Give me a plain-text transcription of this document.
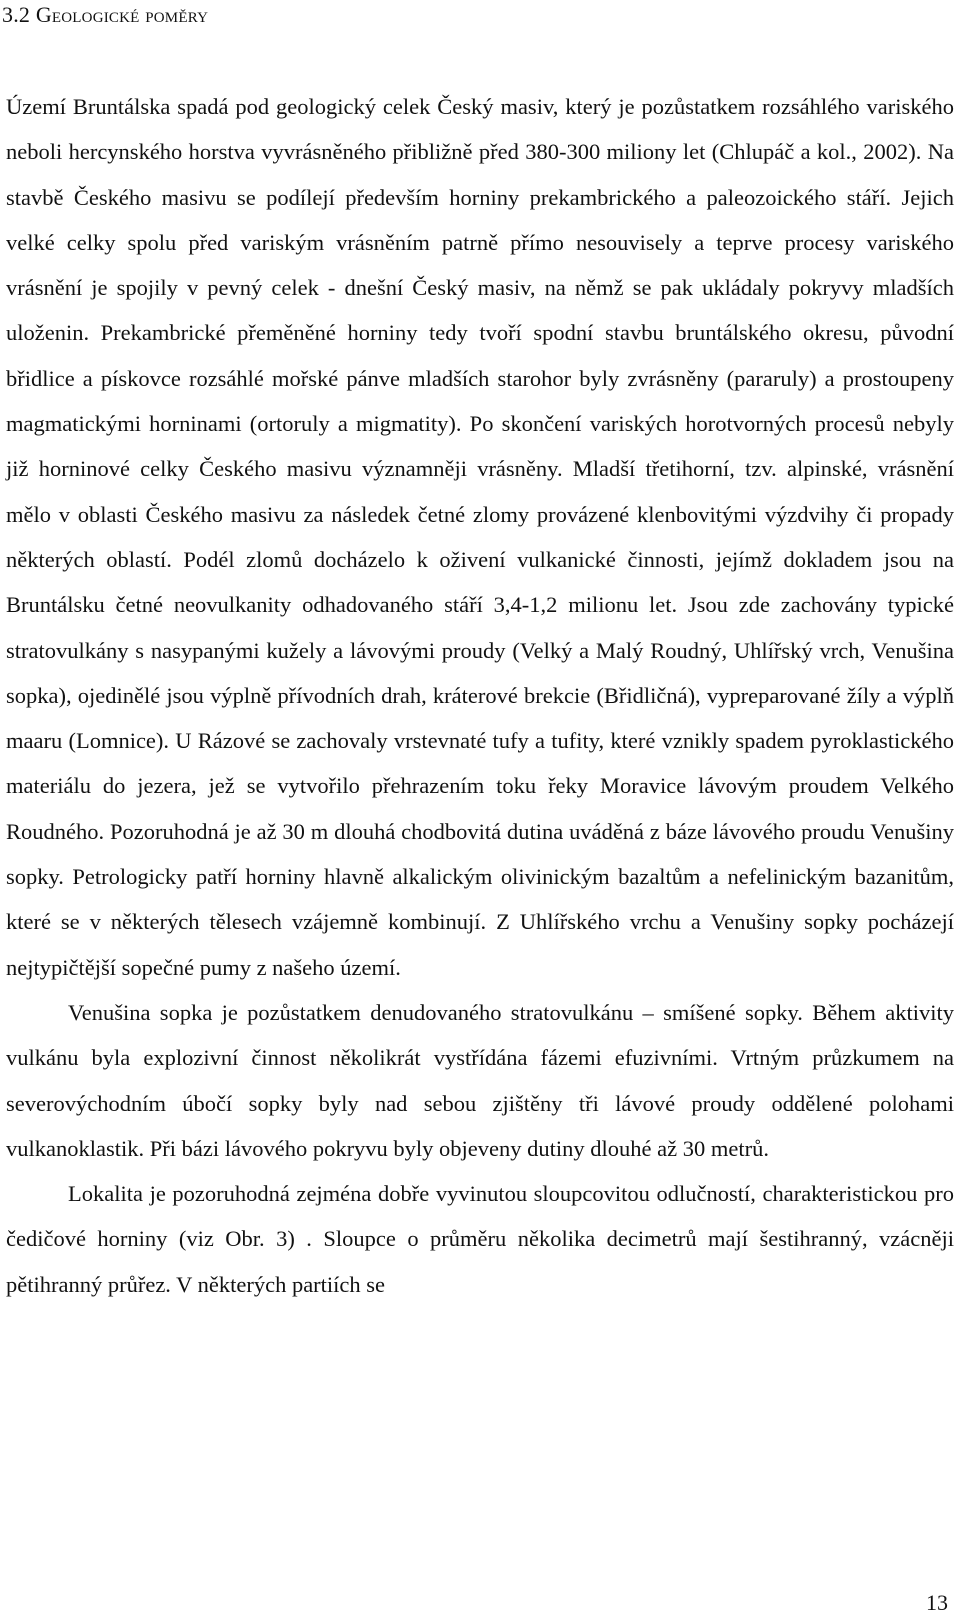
3.2 Geologické poměry

Území Bruntálska spadá pod geologický celek Český masiv, který je pozůstatkem rozsáhlého variského neboli hercynského horstva vyvrásněného přibližně před 380-300 miliony let (Chlupáč a kol., 2002). Na stavbě Českého masivu se podílejí především horniny prekambrického a paleozoického stáří. Jejich velké celky spolu před variským vrásněním patrně přímo nesouvisely a teprve procesy variského vrásnění je spojily v pevný celek - dnešní Český masiv, na němž se pak ukládaly pokryvy mladších uloženin. Prekambrické přeměněné horniny tedy tvoří spodní stavbu bruntálského okresu, původní břidlice a pískovce rozsáhlé mořské pánve mladších starohor byly zvrásněny (pararuly) a prostoupeny magmatickými horninami (ortoruly a migmatity). Po skončení variských horotvorných procesů nebyly již horninové celky Českého masivu významněji vrásněny. Mladší třetihorní, tzv. alpinské, vrásnění mělo v oblasti Českého masivu za následek četné zlomy provázené klenbovitými výzdvihy či propady některých oblastí. Podél zlomů docházelo k oživení vulkanické činnosti, jejímž dokladem jsou na Bruntálsku četné neovulkanity odhadovaného stáří 3,4-1,2 milionu let. Jsou zde zachovány typické stratovulkány s nasypanými kužely a lávovými proudy (Velký a Malý Roudný, Uhlířský vrch, Venušina sopka), ojedinělé jsou výplně přívodních drah, kráterové brekcie (Břidličná), vypreparované žíly a výplň maaru (Lomnice). U Rázové se zachovaly vrstevnaté tufy a tufity, které vznikly spadem pyroklastického materiálu do jezera, jež se vytvořilo přehrazením toku řeky Moravice lávovým proudem Velkého Roudného. Pozoruhodná je až 30 m dlouhá chodbovitá dutina uváděná z báze lávového proudu Venušiny sopky. Petrologicky patří horniny hlavně alkalickým olivinickým bazaltům a nefelinickým bazanitům, které se v některých tělesech vzájemně kombinují. Z Uhlířského vrchu a Venušiny sopky pocházejí nejtypičtější sopečné pumy z našeho území.

Venušina sopka je pozůstatkem denudovaného stratovulkánu – smíšené sopky. Během aktivity vulkánu byla explozivní činnost několikrát vystřídána fázemi efuzivními. Vrtným průzkumem na severovýchodním úbočí sopky byly nad sebou zjištěny tři lávové proudy oddělené polohami vulkanoklastik. Při bázi lávového pokryvu byly objeveny dutiny dlouhé až 30 metrů.

Lokalita je pozoruhodná zejména dobře vyvinutou sloupcovitou odlučností, charakteristickou pro čedičové horniny (viz Obr. 3) . Sloupce o průměru několika decimetrů mají šestihranný, vzácněji pětihranný průřez. V některých partiích se

13
